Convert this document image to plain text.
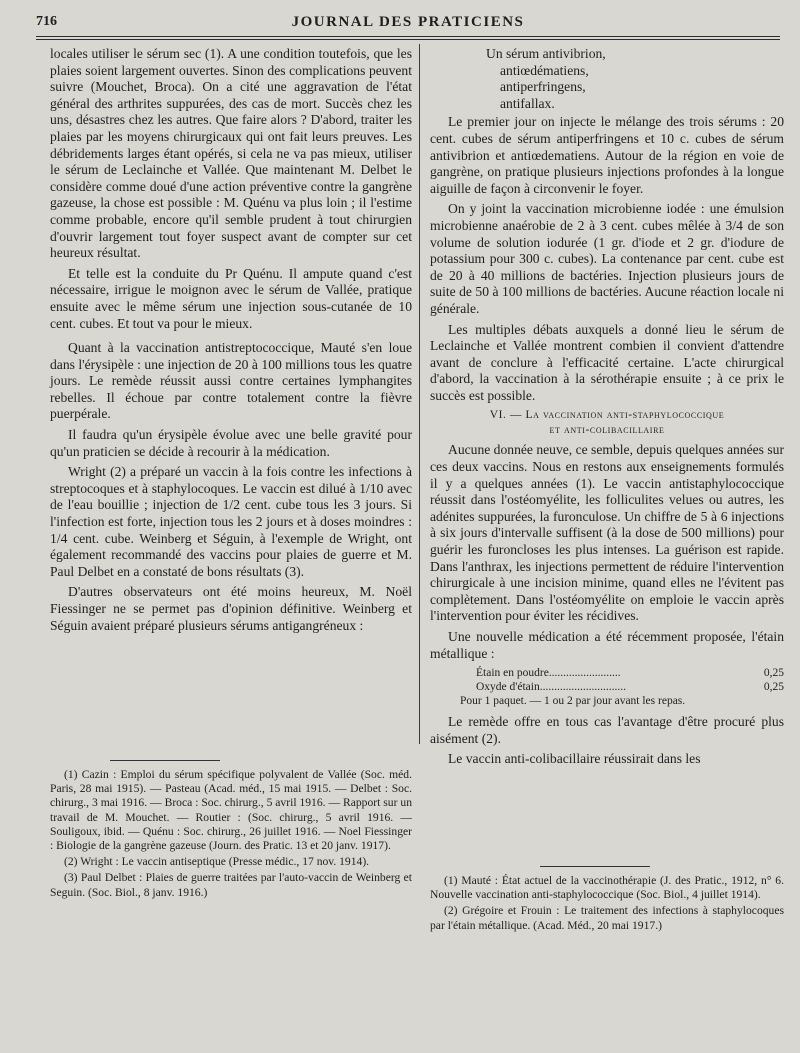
716	JOURNAL DES PRATICIENS

locales utiliser le sérum sec (1). A une condition toutefois, que les plaies soient largement ouvertes. Sinon des complications peuvent suivre (Mouchet, Broca). On a cité une aggravation de l'état général des arthrites suppurées, des cas de mort. Succès chez les uns, désastres chez les autres. Que faire alors ? D'abord, traiter les plaies par les moyens chirurgicaux qui ont fait leurs preuves. Les débridements larges étant opérés, si cela ne va pas mieux, utiliser le sérum de Leclainche et Vallée. Que maintenant M. Delbet le considère comme doué d'une action préventive contre la gangrène gazeuse, la chose est possible : M. Quénu va plus loin ; il l'estime comme probable, encore qu'il semble prudent à tout chirurgien d'ouvrir largement tout foyer suspect avant de compter sur cet heureux résultat.

Et telle est la conduite du Pr Quénu. Il ampute quand c'est nécessaire, irrigue le moignon avec le sérum de Vallée, pratique ensuite avec le même sérum une injection sous-cutanée de 10 cent. cubes. Et tout va pour le mieux.

Quant à la vaccination antistreptococcique, Mauté s'en loue dans l'érysipèle : une injection de 20 à 100 millions tous les quatre jours. Le remède réussit aussi contre certaines lymphangites rebelles. Il échoue par contre totalement contre la fièvre puerpérale.

Il faudra qu'un érysipèle évolue avec une belle gravité pour qu'un praticien se décide à recourir à la médication.

Wright (2) a préparé un vaccin à la fois contre les infections à streptocoques et à staphylocoques. Le vaccin est dilué à 1/10 avec de l'eau bouillie ; injection de 1/2 cent. cube tous les 3 jours. Si l'infection est forte, injection tous les 2 jours et à doses moindres : 1/4 cent. cube. Weinberg et Séguin, à l'exemple de Wright, ont également recommandé des vaccins pour plaies de guerre et M. Paul Delbet en a constaté de bons résultats (3).

D'autres observateurs ont été moins heureux, M. Noël Fiessinger ne se permet pas d'opinion définitive. Weinberg et Séguin avaient préparé plusieurs sérums antigangréneux :

Un sérum antivibrion,
antiœdématiens,
antiperfringens,
antifallax.

Le premier jour on injecte le mélange des trois sérums : 20 cent. cubes de sérum antiperfringens et 10 c. cubes de sérum antivibrion et antiœdematiens. Autour de la région en voie de gangrène, on pratique plusieurs injections profondes à la longue aiguille de façon à circonvenir le foyer.

On y joint la vaccination microbienne iodée : une émulsion microbienne anaérobie de 2 à 3 cent. cubes mêlée à 3/4 de son volume de solution iodurée (1 gr. d'iode et 2 gr. d'iodure de potassium pour 300 c. cubes). La contenance par cent. cube est de 20 à 40 millions de bactéries. Injection plusieurs jours de suite de 50 à 100 millions de bactéries. Aucune réaction locale ni générale.

Les multiples débats auxquels a donné lieu le sérum de Leclainche et Vallée montrent combien il convient d'attendre avant de conclure à l'efficacité certaine. L'acte chirurgical d'abord, la vaccination à la sérothérapie ensuite ; à ce prix le succès est possible.

VI. — La vaccination anti-staphylococcique
et anti-colibacillaire

Aucune donnée neuve, ce semble, depuis quelques années sur ces deux vaccins. Nous en restons aux enseignements formulés il y a quelques années (1). Le vaccin antistaphylococcique réussit dans l'ostéomyélite, les folliculites velues ou autres, les adénites suppurées, la furonculose. Un chiffre de 5 à 6 injections à six jours d'intervalle suffisent (à la dose de 500 millions) pour guérir les furoncloses les plus intenses. La guérison est rapide. Dans l'anthrax, les injections permettent de réduire l'intervention chirurgicale à une incision minime, quand elles ne l'évitent pas complètement. Dans l'ostéomyélite on emploie le vaccin après l'intervention pour éviter les récidives.

Une nouvelle médication a été récemment proposée, l'étain métallique :

Étain en poudre.........................	0,25
Oxyde d'étain..............................	0,25
Pour 1 paquet. — 1 ou 2 par jour avant les repas.

Le remède offre en tous cas l'avantage d'être procuré plus aisément (2).

Le vaccin anti-colibacillaire réussirait dans les

(1) Cazin : Emploi du sérum spécifique polyvalent de Vallée (Soc. méd. Paris, 28 mai 1915). — Pasteau (Acad. méd., 15 mai 1915. — Delbet : Soc. chirurg., 3 mai 1916. — Broca : Soc. chirurg., 5 avril 1916. — Rapport sur un travail de M. Mouchet. — Routier : (Soc. chirurg., 5 avril 1916. — Souligoux, ibid. — Quénu : Soc. chirurg., 26 juillet 1916. — Noel Fiessinger : Biologie de la gangrène gazeuse (Journ. des Pratic. 13 et 20 janv. 1917).

(2) Wright : Le vaccin antiseptique (Presse médic., 17 nov. 1914).

(3) Paul Delbet : Plaies de guerre traitées par l'auto-vaccin de Weinberg et Seguin. (Soc. Biol., 8 janv. 1916.)

(1) Mauté : État actuel de la vaccinothérapie (J. des Pratic., 1912, n° 6. Nouvelle vaccination anti-staphylococcique (Soc. Biol., 4 juillet 1914).

(2) Grégoire et Frouin : Le traitement des infections à staphylocoques par l'étain métallique. (Acad. Méd., 20 mai 1917.)
